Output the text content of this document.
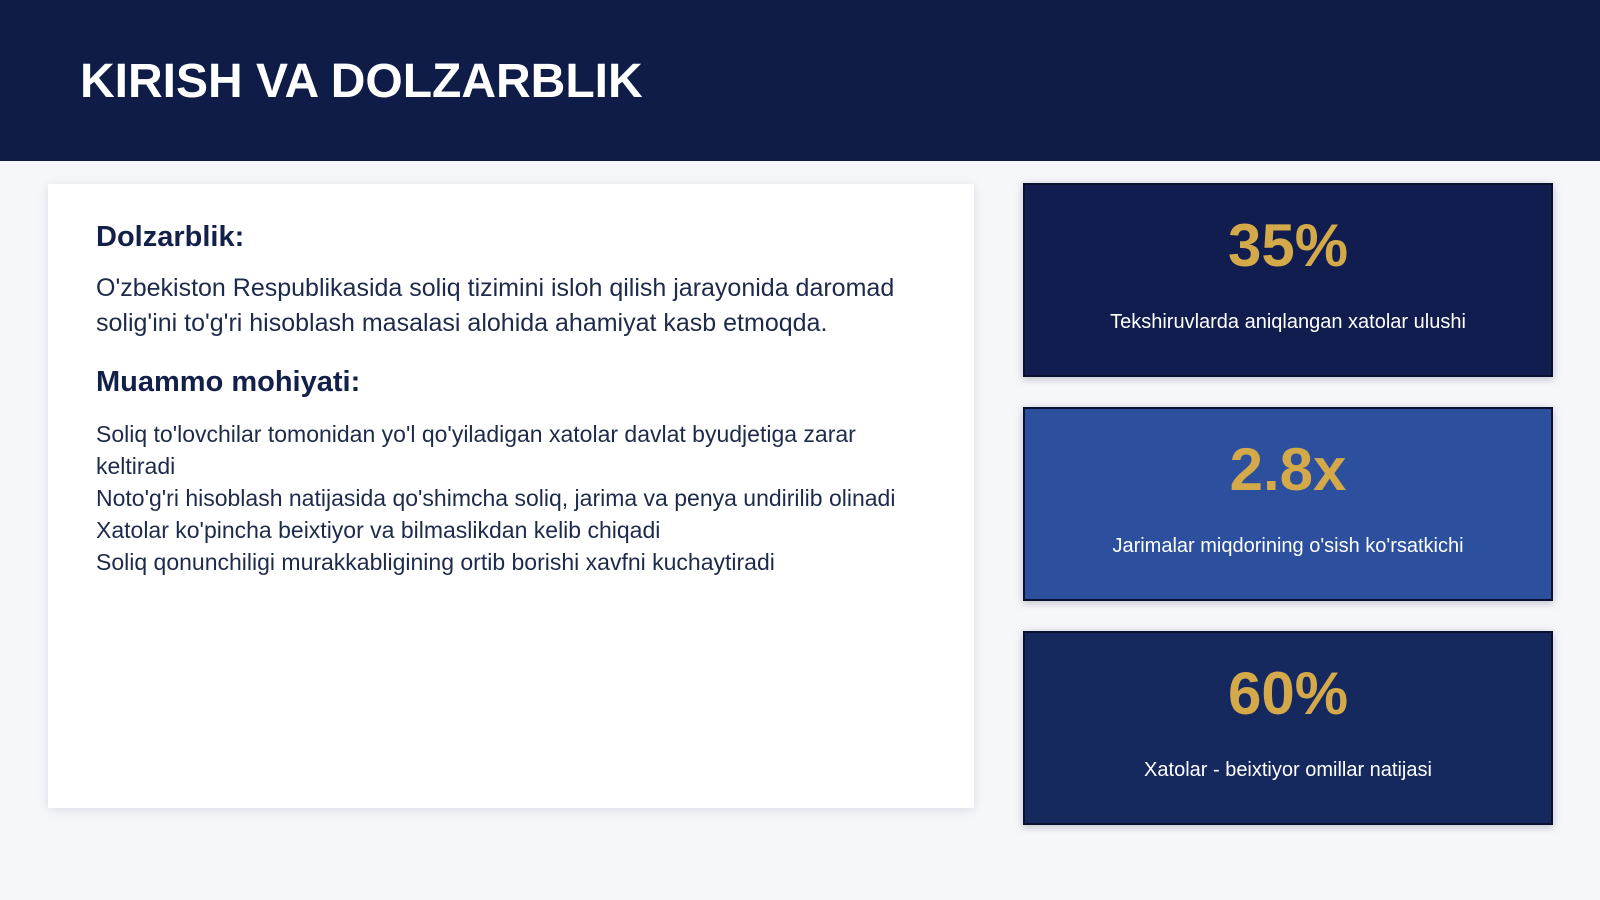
KIRISH VA DOLZARBLIK
Dolzarblik:

O'zbekiston Respublikasida soliq tizimini isloh qilish jarayonida daromad solig'ini to'g'ri hisoblash masalasi alohida ahamiyat kasb etmoqda.

Muammo mohiyati:
Soliq to'lovchilar tomonidan yo'l qo'yiladigan xatolar davlat byudjetiga zarar keltiradi
Noto'g'ri hisoblash natijasida qo'shimcha soliq, jarima va penya undirilib olinadi
Xatolar ko'pincha beixtiyor va bilmaslikdan kelib chiqadi
Soliq qonunchiligi murakkabligining ortib borishi xavfni kuchaytiradi
35%
Tekshiruvlarda aniqlangan xatolar ulushi
2.8x
Jarimalar miqdorining o'sish ko'rsatkichi
60%
Xatolar - beixtiyor omillar natijasi
